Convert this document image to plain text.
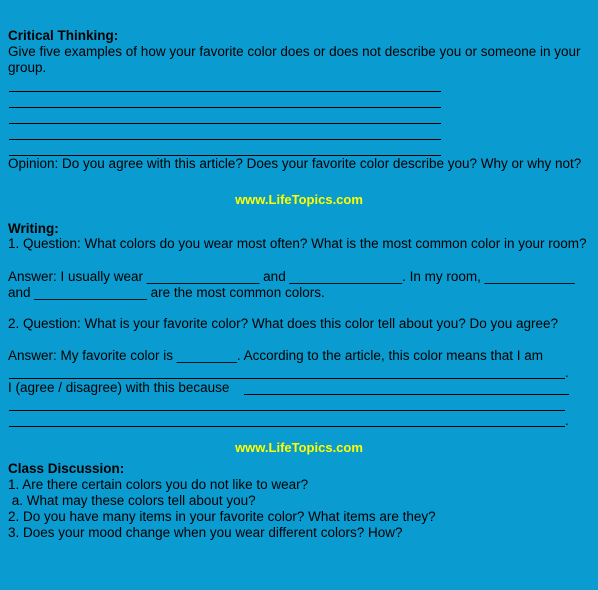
Critical Thinking:
Give five examples of how your favorite color does or does not describe you or someone in your group.
Opinion: Do you agree with this article? Does your favorite color describe you? Why or why not?
www.LifeTopics.com
Writing:
1. Question: What colors do you wear most often? What is the most common color in your room?
Answer: I usually wear _______________ and _______________. In my room, ____________
and _______________ are the most common colors.
2. Question: What is your favorite color? What does this color tell about you? Do you agree?
Answer: My favorite color is ________. According to the article, this color means that I am
.
I (agree / disagree) with this because
.
www.LifeTopics.com
Class Discussion:
1. Are there certain colors you do not like to wear?
a. What may these colors tell about you?
2. Do you have many items in your favorite color? What items are they?
3. Does your mood change when you wear different colors? How?
